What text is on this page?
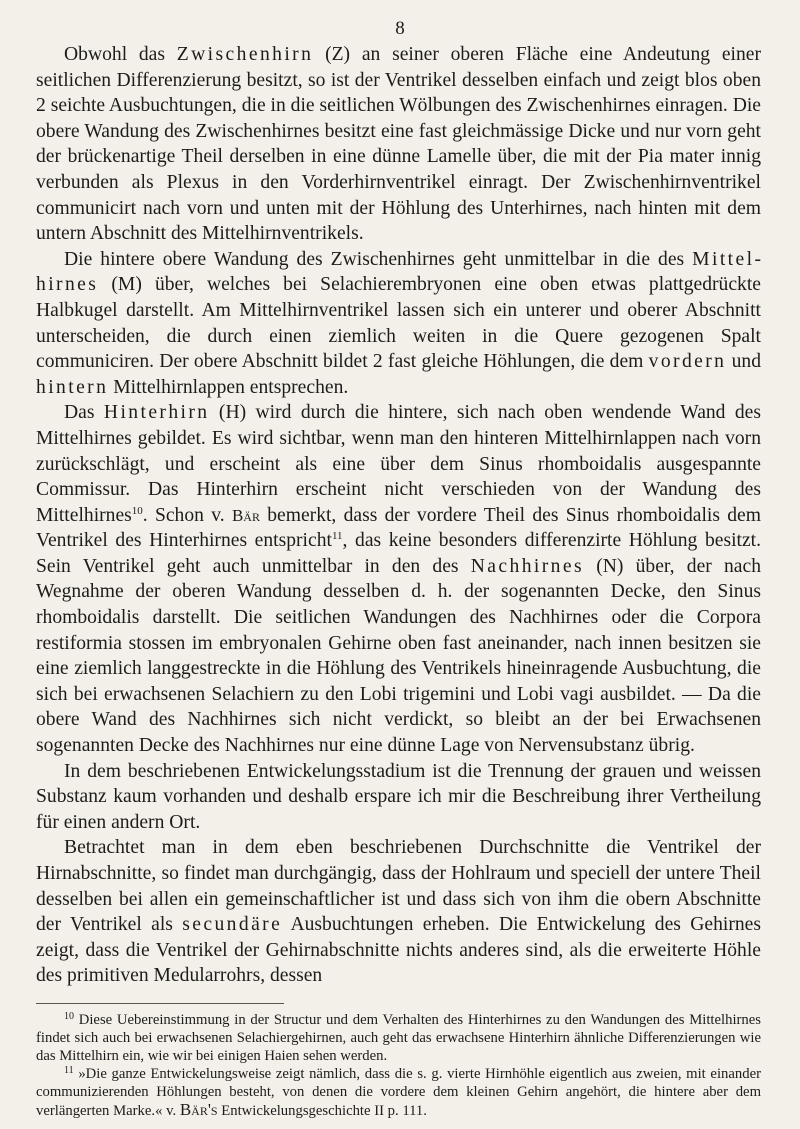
8

Obwohl das Zwischenhirn (Z) an seiner oberen Fläche eine Andeutung einer seitlichen Differenzierung besitzt, so ist der Ventrikel desselben einfach und zeigt blos oben 2 seichte Ausbuchtungen, die in die seitlichen Wölbungen des Zwischenhirnes einragen. Die obere Wandung des Zwischenhirnes besitzt eine fast gleichmässige Dicke und nur vorn geht der brückenartige Theil derselben in eine dünne Lamelle über, die mit der Pia mater innig verbunden als Plexus in den Vorderhirnventrikel einragt. Der Zwischenhirnventrikel communicirt nach vorn und unten mit der Höhlung des Unterhirnes, nach hinten mit dem untern Abschnitt des Mittelhirnventrikels.

Die hintere obere Wandung des Zwischenhirnes geht unmittelbar in die des Mittelhirnes (M) über, welches bei Selachierembryonen eine oben etwas plattgedrückte Halbkugel darstellt. Am Mittelhirnventrikel lassen sich ein unterer und oberer Abschnitt unterscheiden, die durch einen ziemlich weiten in die Quere gezogenen Spalt communiciren. Der obere Abschnitt bildet 2 fast gleiche Höhlungen, die dem vordern und hintern Mittelhirnlappen entsprechen.

Das Hinterhirn (H) wird durch die hintere, sich nach oben wendende Wand des Mittelhirnes gebildet. Es wird sichtbar, wenn man den hinteren Mittelhirnlappen nach vorn zurückschlägt, und erscheint als eine über dem Sinus rhomboidalis ausgespannte Commissur. Das Hinterhirn erscheint nicht verschieden von der Wandung des Mittelhirnes$^{10}$. Schon v. Bär bemerkt, dass der vordere Theil des Sinus rhomboidalis dem Ventrikel des Hinterhirnes entspricht$^{11}$, das keine besonders differenzirte Höhlung besitzt. Sein Ventrikel geht auch unmittelbar in den des Nachhirnes (N) über, der nach Wegnahme der oberen Wandung desselben d. h. der sogenannten Decke, den Sinus rhomboidalis darstellt. Die seitlichen Wandungen des Nachhirnes oder die Corpora restiformia stossen im embryonalen Gehirne oben fast aneinander, nach innen besitzen sie eine ziemlich langgestreckte in die Höhlung des Ventrikels hineinragende Ausbuchtung, die sich bei erwachsenen Selachiern zu den Lobi trigemini und Lobi vagi ausbildet. — Da die obere Wand des Nachhirnes sich nicht verdickt, so bleibt an der bei Erwachsenen sogenannten Decke des Nachhirnes nur eine dünne Lage von Nervensubstanz übrig.

In dem beschriebenen Entwickelungsstadium ist die Trennung der grauen und weissen Substanz kaum vorhanden und deshalb erspare ich mir die Beschreibung ihrer Vertheilung für einen andern Ort.

Betrachtet man in dem eben beschriebenen Durchschnitte die Ventrikel der Hirnabschnitte, so findet man durchgängig, dass der Hohlraum und speciell der untere Theil desselben bei allen ein gemeinschaftlicher ist und dass sich von ihm die obern Abschnitte der Ventrikel als secundäre Ausbuchtungen erheben. Die Entwickelung des Gehirnes zeigt, dass die Ventrikel der Gehirnabschnitte nichts anderes sind, als die erweiterte Höhle des primitiven Medularrohrs, dessen

$^{10}$ Diese Uebereinstimmung in der Structur und dem Verhalten des Hinterhirnes zu den Wandungen des Mittelhirnes findet sich auch bei erwachsenen Selachiergehirnen, auch geht das erwachsene Hinterhirn ähnliche Differenzierungen wie das Mittelhirn ein, wie wir bei einigen Haien sehen werden.

$^{11}$ »Die ganze Entwickelungsweise zeigt nämlich, dass die s. g. vierte Hirnhöhle eigentlich aus zweien, mit einander communizierenden Höhlungen besteht, von denen die vordere dem kleinen Gehirn angehört, die hintere aber dem verlängerten Marke.« v. Bär's Entwickelungsgeschichte II p. 111.
